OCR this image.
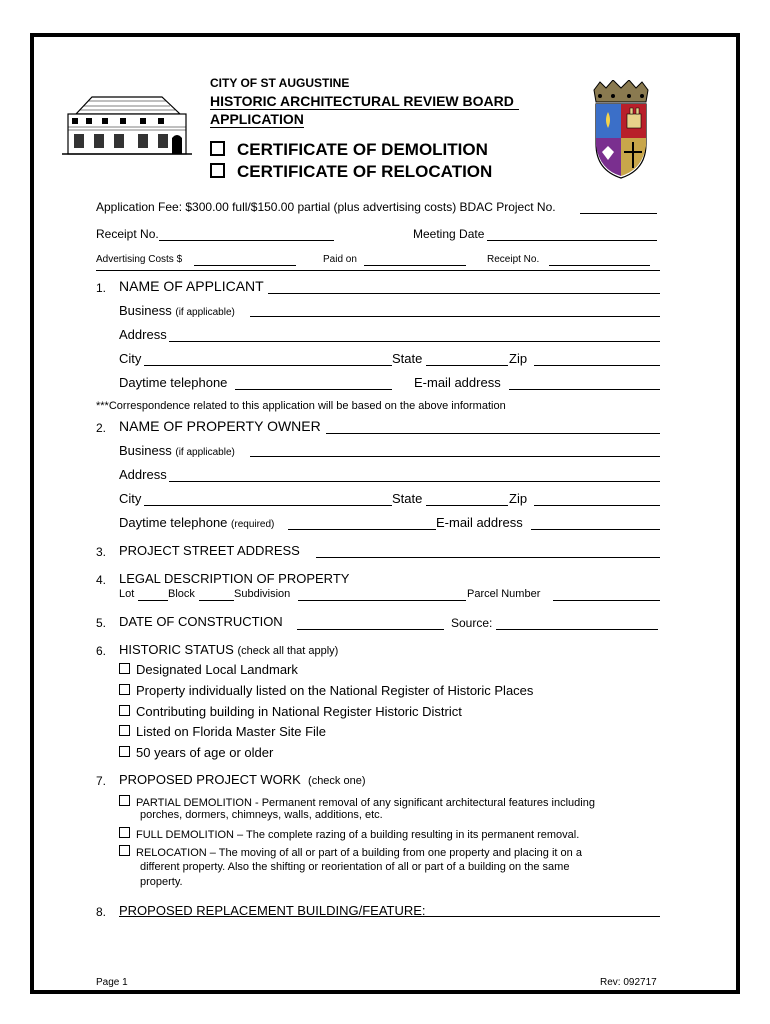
CITY OF ST AUGUSTINE
HISTORIC ARCHITECTURAL REVIEW BOARD
APPLICATION
CERTIFICATE OF DEMOLITION
CERTIFICATE OF RELOCATION
Application Fee: $300.00 full/$150.00 partial (plus advertising costs) BDAC Project No.
Receipt No.	Meeting Date
Advertising Costs $	Paid on	Receipt No.
1. NAME OF APPLICANT
Business (if applicable)
Address
City	State	Zip
Daytime telephone	E-mail address
***Correspondence related to this application will be based on the above information
2. NAME OF PROPERTY OWNER
Business (if applicable)
Address
City	State	Zip
Daytime telephone (required)	E-mail address
3. PROJECT STREET ADDRESS
4. LEGAL DESCRIPTION OF PROPERTY
Lot	Block	Subdivision	Parcel Number
5. DATE OF CONSTRUCTION	Source:
6. HISTORIC STATUS (check all that apply)
Designated Local Landmark
Property individually listed on the National Register of Historic Places
Contributing building in National Register Historic District
Listed on Florida Master Site File
50 years of age or older
7. PROPOSED PROJECT WORK (check one)
PARTIAL DEMOLITION - Permanent removal of any significant architectural features including
porches, dormers, chimneys, walls, additions, etc.
FULL DEMOLITION – The complete razing of a building resulting in its permanent removal.
RELOCATION – The moving of all or part of a building from one property and placing it on a
different property. Also the shifting or reorientation of all or part of a building on the same
property.
8. PROPOSED REPLACEMENT BUILDING/FEATURE:
Page 1	Rev: 092717
